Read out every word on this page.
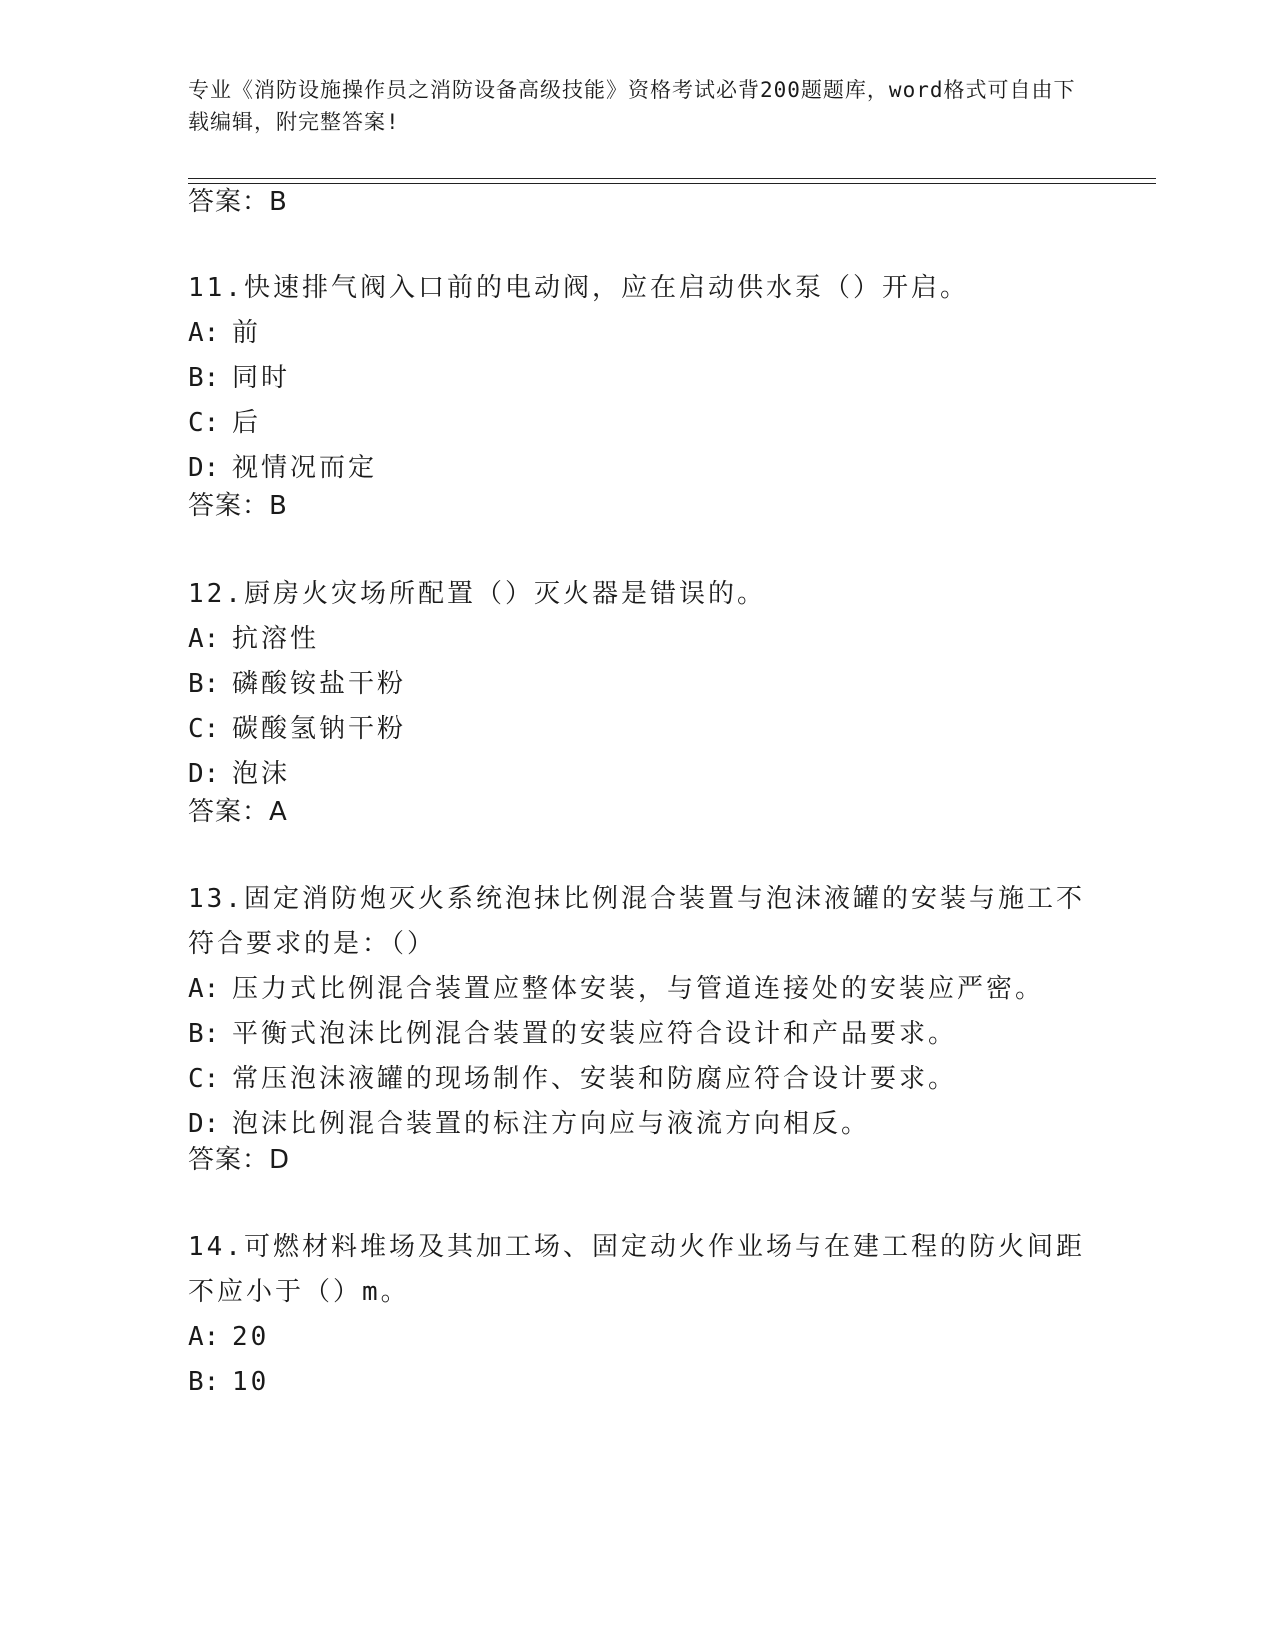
专业《消防设施操作员之消防设备高级技能》资格考试必背200题题库，word格式可自由下载编辑，附完整答案!
答案：B
11.快速排气阀入口前的电动阀，应在启动供水泵（）开启。
A: 前
B: 同时
C: 后
D: 视情况而定
答案：B
12.厨房火灾场所配置（）灭火器是错误的。
A: 抗溶性
B: 磷酸铵盐干粉
C: 碳酸氢钠干粉
D: 泡沫
答案：A
13.固定消防炮灭火系统泡抹比例混合装置与泡沫液罐的安装与施工不符合要求的是：（）
A: 压力式比例混合装置应整体安装，与管道连接处的安装应严密。
B: 平衡式泡沫比例混合装置的安装应符合设计和产品要求。
C: 常压泡沫液罐的现场制作、安装和防腐应符合设计要求。
D: 泡沫比例混合装置的标注方向应与液流方向相反。
答案：D
14.可燃材料堆场及其加工场、固定动火作业场与在建工程的防火间距不应小于（）m。
A: 20
B: 10
